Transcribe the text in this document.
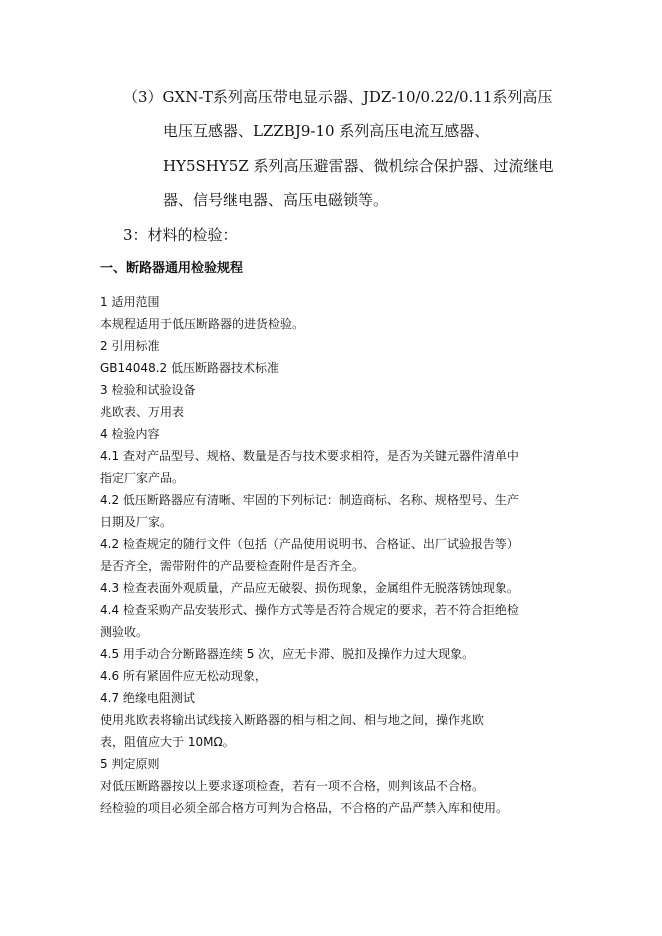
（3）GXN-T系列高压带电显示器、JDZ-10/0.22/0.11系列高压
电压互感器、LZZBJ9-10 系列高压电流互感器、
HY5SHY5Z 系列高压避雷器、微机综合保护器、过流继电
器、信号继电器、高压电磁锁等。
3：材料的检验：
一、断路器通用检验规程
1 适用范围
本规程适用于低压断路器的进货检验。
2 引用标准
GB14048.2 低压断路器技术标准
3 检验和试验设备
兆欧表、万用表
4 检验内容
4.1 查对产品型号、规格、数量是否与技术要求相符，是否为关键元器件清单中
指定厂家产品。
4.2 低压断路器应有清晰、牢固的下列标记：制造商标、名称、规格型号、生产
日期及厂家。
4.2 检查规定的随行文件（包括（产品使用说明书、合格证、出厂试验报告等）
是否齐全，需带附件的产品要检查附件是否齐全。
4.3 检查表面外观质量，产品应无破裂、损伤现象，金属组件无脱落锈蚀现象。
4.4 检查采购产品安装形式、操作方式等是否符合规定的要求，若不符合拒绝检
测验收。
4.5 用手动合分断路器连续 5 次，应无卡滞、脱扣及操作力过大现象。
4.6 所有紧固件应无松动现象，
4.7 绝缘电阻测试
使用兆欧表将输出试线接入断路器的相与相之间、相与地之间，操作兆欧
表，阻值应大于 10MΩ。
5 判定原则
对低压断路器按以上要求逐项检查，若有一项不合格，则判该品不合格。
经检验的项目必须全部合格方可判为合格品，不合格的产品严禁入库和使用。
